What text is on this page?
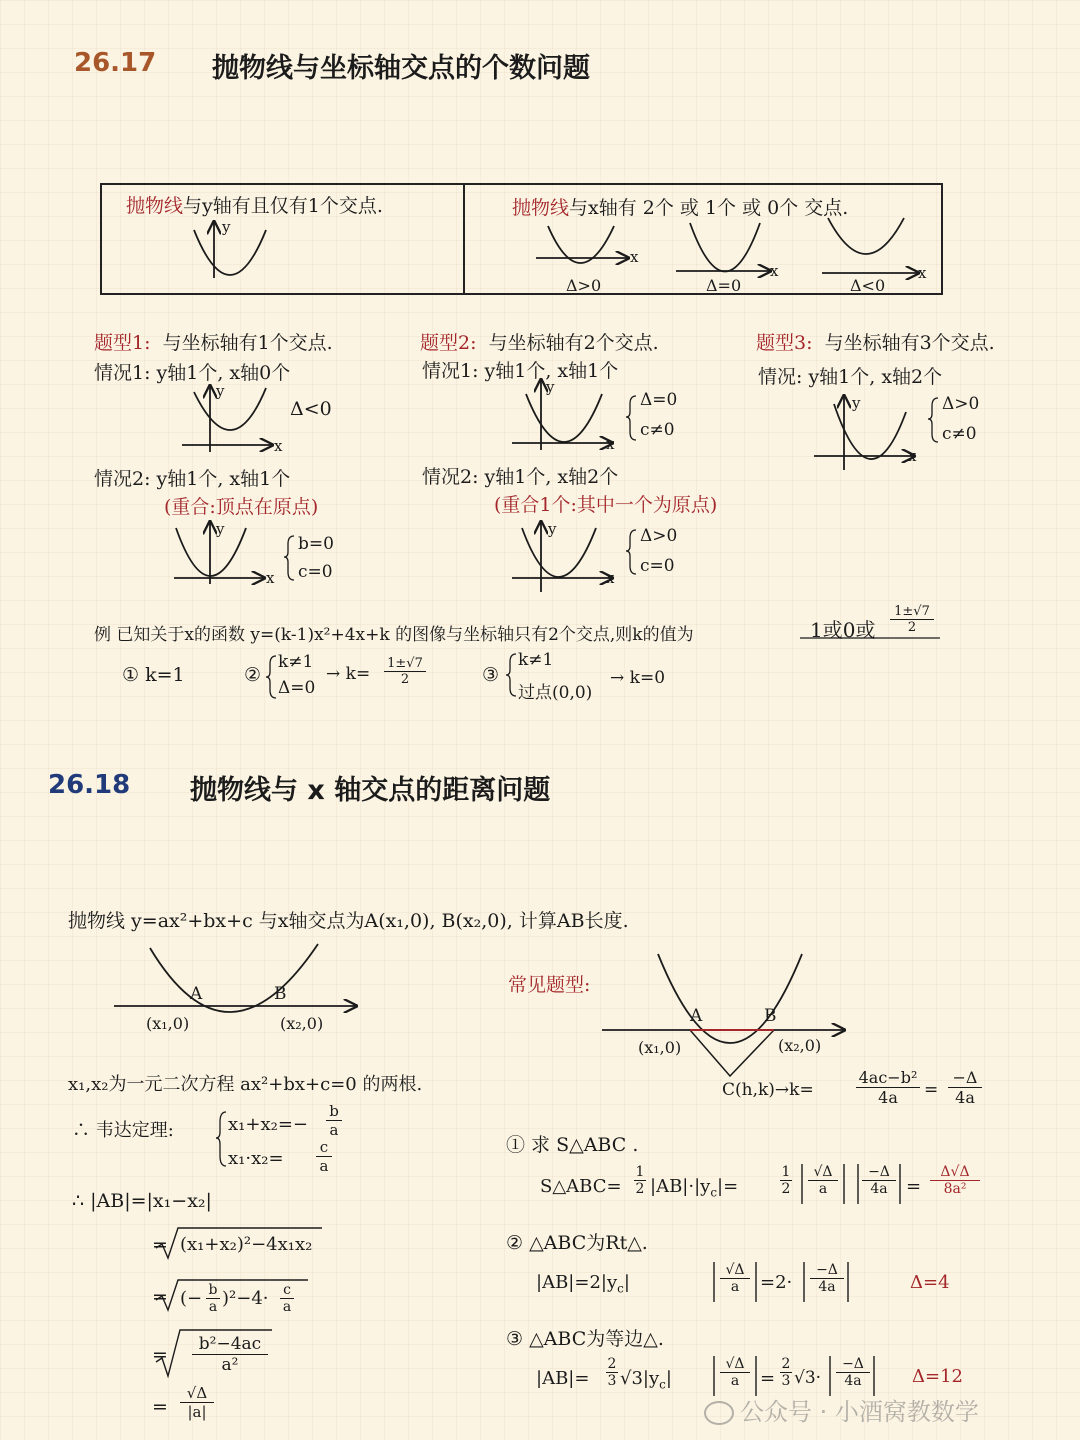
26.17 抛物线与坐标轴交点的个数问题
抛物线与y轴有且仅有1个交点.	抛物线与x轴有 2个 或 1个 或 0个 交点.
y
x
x	x
x
y
x
y
x
y
x
y
x
y
Δ>0	Δ=0	Δ<0
题型1: 与坐标轴有1个交点.
情况1: y轴1个, x轴0个
Δ<0
情况2: y轴1个, x轴1个
(重合:顶点在原点)
b=0
c=0
题型2: 与坐标轴有2个交点.
情况1: y轴1个, x轴1个
Δ=0
c≠0
情况2: y轴1个, x轴2个
(重合1个:其中一个为原点)
Δ>0
c=0
题型3: 与坐标轴有3个交点.
情况: y轴1个, x轴2个
Δ>0
c≠0
例 已知关于x的函数 y=(k-1)x²+4x+k 的图像与坐标轴只有2个交点,则k的值为	1或0或 $\frac{1\pm√7}{2}$
① k=1	②
k≠1
Δ=0
→ $k= \frac{1\pm√7}{2}$	③
k≠1
过点(0,0)
→ k=0
26.18 抛物线与 x 轴交点的距离问题
抛物线 y=ax²+bx+c 与x轴交点为A(x₁,0), B(x₂,0), 计算AB长度.
A	B
(x₁,0)	(x₂,0)
x₁,x₂为一元二次方程 ax²+bx+c=0 的两根.
∴ 韦达定理:	$x_1+x_2=- \frac{b}{a}$
$x_1\cdot x_2= \frac{c}{a}$
∴ |AB|=|x₁−x₂|
= (x₁+x₂)²−4x₁x₂
= (− $\frac{b}{a} )^2-4\cdot \frac{c}{a}$
= $\frac{\text{b²−4ac}}{\text{a²}}$
= $\frac{√\Delta}{|a|}$
常见题型:
A	B
(x₁,0)	(x₂,0)
C(h,k)→k=	$\frac{\text{4ac−b²}}{4a} = \frac{-\Delta}{4a}$
① 求 S△ABC .
S△ABC= $\frac{1}{2} |AB|\cdot|y_c|=$	$\frac{1}{2} \frac{√\Delta}{a} \frac{-\Delta}{4a} = \frac{\Delta√\Delta}{\text{8a²}}$
② △ABC为Rt△.
$|AB|=2|y_c|$	$\frac{√\Delta}{a} =2\cdot \frac{-\Delta}{4a}$	Δ=4
③ △ABC为等边△.
$|AB|= \frac{2}{3} √3|y_c|$	$\frac{√\Delta}{a} = \frac{2}{3} √3\cdot \frac{-\Delta}{4a} \Delta=12$
公众号 · 小酒窝教数学
